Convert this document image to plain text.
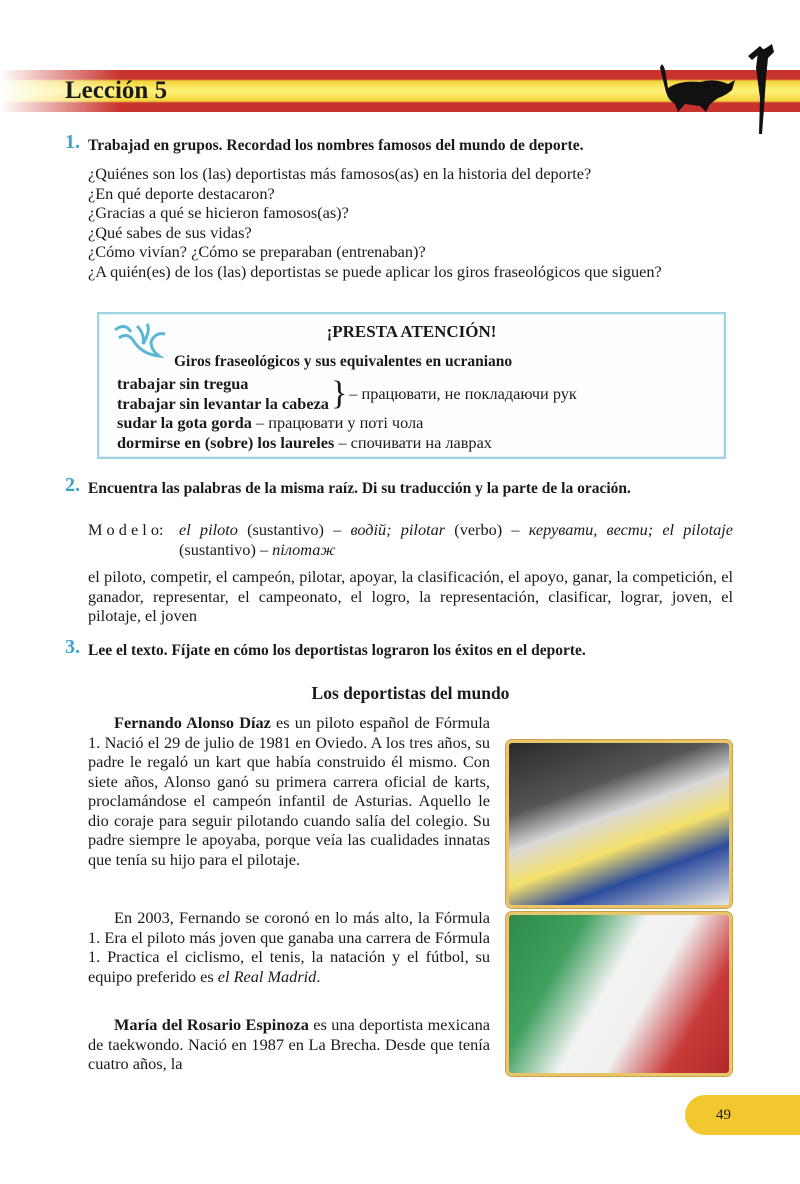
Lección 5
1. Trabajad en grupos. Recordad los nombres famosos del mundo de deporte.
¿Quiénes son los (las) deportistas más famosos(as) en la historia del deporte?
¿En qué deporte destacaron?
¿Gracias a qué se hicieron famosos(as)?
¿Qué sabes de sus vidas?
¿Cómo vivían? ¿Cómo se preparaban (entrenaban)?
¿A quién(es) de los (las) deportistas se puede aplicar los giros fraseológicos que siguen?
¡PRESTA ATENCIÓN!
Giros fraseológicos y sus equivalentes en ucraniano
trabajar sin tregua
trabajar sin levantar la cabeza } – працювати, не покладаючи рук
sudar la gota gorda – працювати у поті чола
dormirse en (sobre) los laureles – спочивати на лаврах
2. Encuentra las palabras de la misma raíz. Di su traducción y la parte de la oración.
M o d e l o: el piloto (sustantivo) – водій; pilotar (verbo) – керувати, вести; el pilotaje (sustantivo) – пілотаж
el piloto, competir, el campeón, pilotar, apoyar, la clasificación, el apoyo, ganar, la competición, el ganador, representar, el campeonato, el logro, la representación, clasificar, lograr, joven, el pilotaje, el joven
3. Lee el texto. Fíjate en cómo los deportistas lograron los éxitos en el deporte.
Los deportistas del mundo
Fernando Alonso Díaz es un piloto español de Fórmula 1. Nació el 29 de julio de 1981 en Oviedo. A los tres años, su padre le regaló un kart que había construido él mismo. Con siete años, Alonso ganó su primera carrera oficial de karts, proclamándose el campeón infantil de Asturias. Aquello le dio coraje para seguir pilotando cuando salía del colegio. Su padre siempre le apoyaba, porque veía las cualidades innatas que tenía su hijo para el pilotaje.
En 2003, Fernando se coronó en lo más alto, la Fórmula 1. Era el piloto más joven que ganaba una carrera de Fórmula 1. Practica el ciclismo, el tenis, la natación y el fútbol, su equipo preferido es el Real Madrid.
María del Rosario Espinoza es una deportista mexicana de taekwondo. Nació en 1987 en La Brecha. Desde que tenía cuatro años, la
49
